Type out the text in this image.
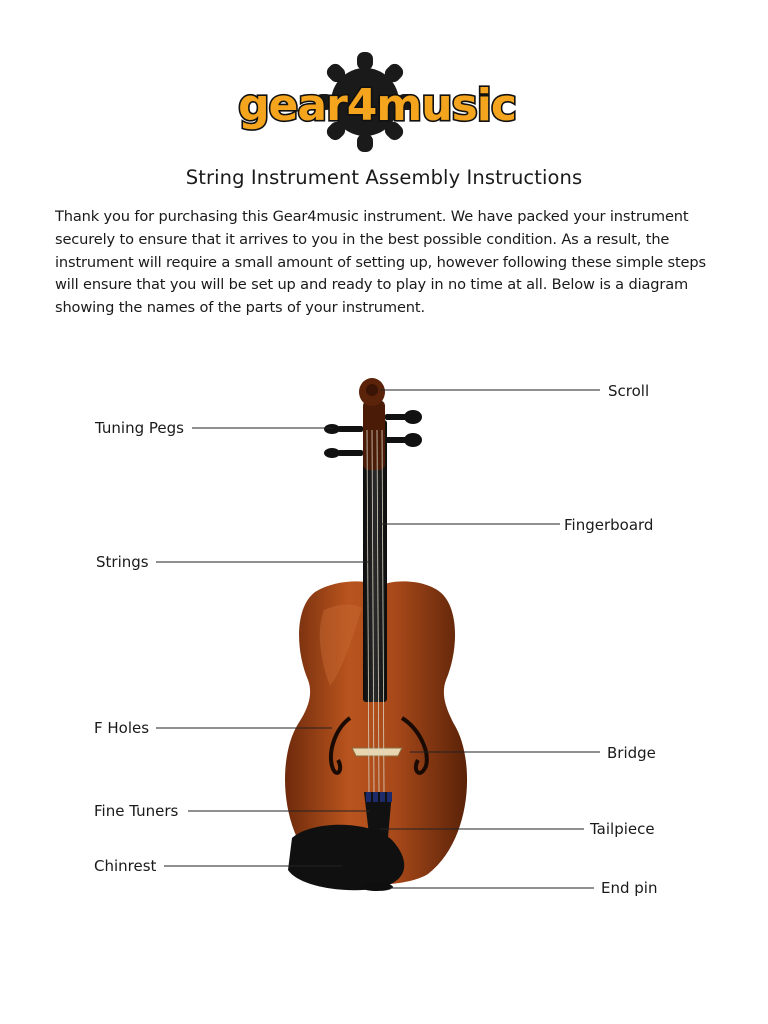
gear4music
String Instrument Assembly Instructions

Thank you for purchasing this Gear4music instrument. We have packed your instrument securely to ensure that it arrives to you in the best possible condition. As a result, the instrument will require a small amount of setting up, however following these simple steps will ensure that you will be set up and ready to play in no time at all. Below is a diagram showing the names of the parts of your instrument.

Scroll
Tuning Pegs
Fingerboard
Strings
F Holes
Bridge
Fine Tuners
Tailpiece
Chinrest
End pin
